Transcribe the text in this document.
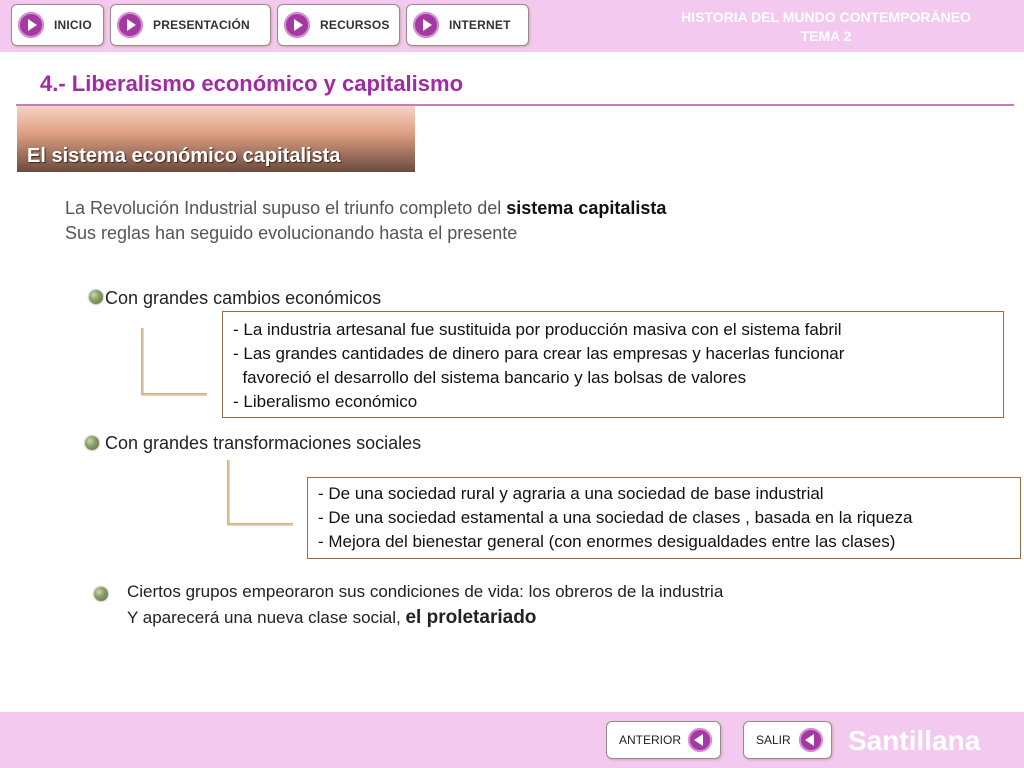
INICIO	PRESENTACIÓN	RECURSOS	INTERNET	HISTORIA DEL MUNDO CONTEMPORÁNEO
TEMA 2
4.- Liberalismo económico y capitalismo
El sistema económico capitalista
La Revolución Industrial supuso el triunfo completo del sistema capitalista
Sus reglas han seguido evolucionando hasta el presente
Con grandes cambios económicos
- La industria artesanal fue sustituida por producción masiva con el sistema fabril
- Las grandes cantidades de dinero para crear las empresas y hacerlas funcionar
favoreció el desarrollo del sistema bancario y las bolsas de valores
- Liberalismo económico
Con grandes transformaciones sociales
- De una sociedad rural y agraria a una sociedad de base industrial
- De una sociedad estamental a una sociedad de clases , basada en la riqueza
- Mejora del bienestar general (con enormes desigualdades entre las clases)
Ciertos grupos empeoraron sus condiciones de vida: los obreros de la industria
Y aparecerá una nueva clase social, el proletariado
ANTERIOR	SALIR Santillana
